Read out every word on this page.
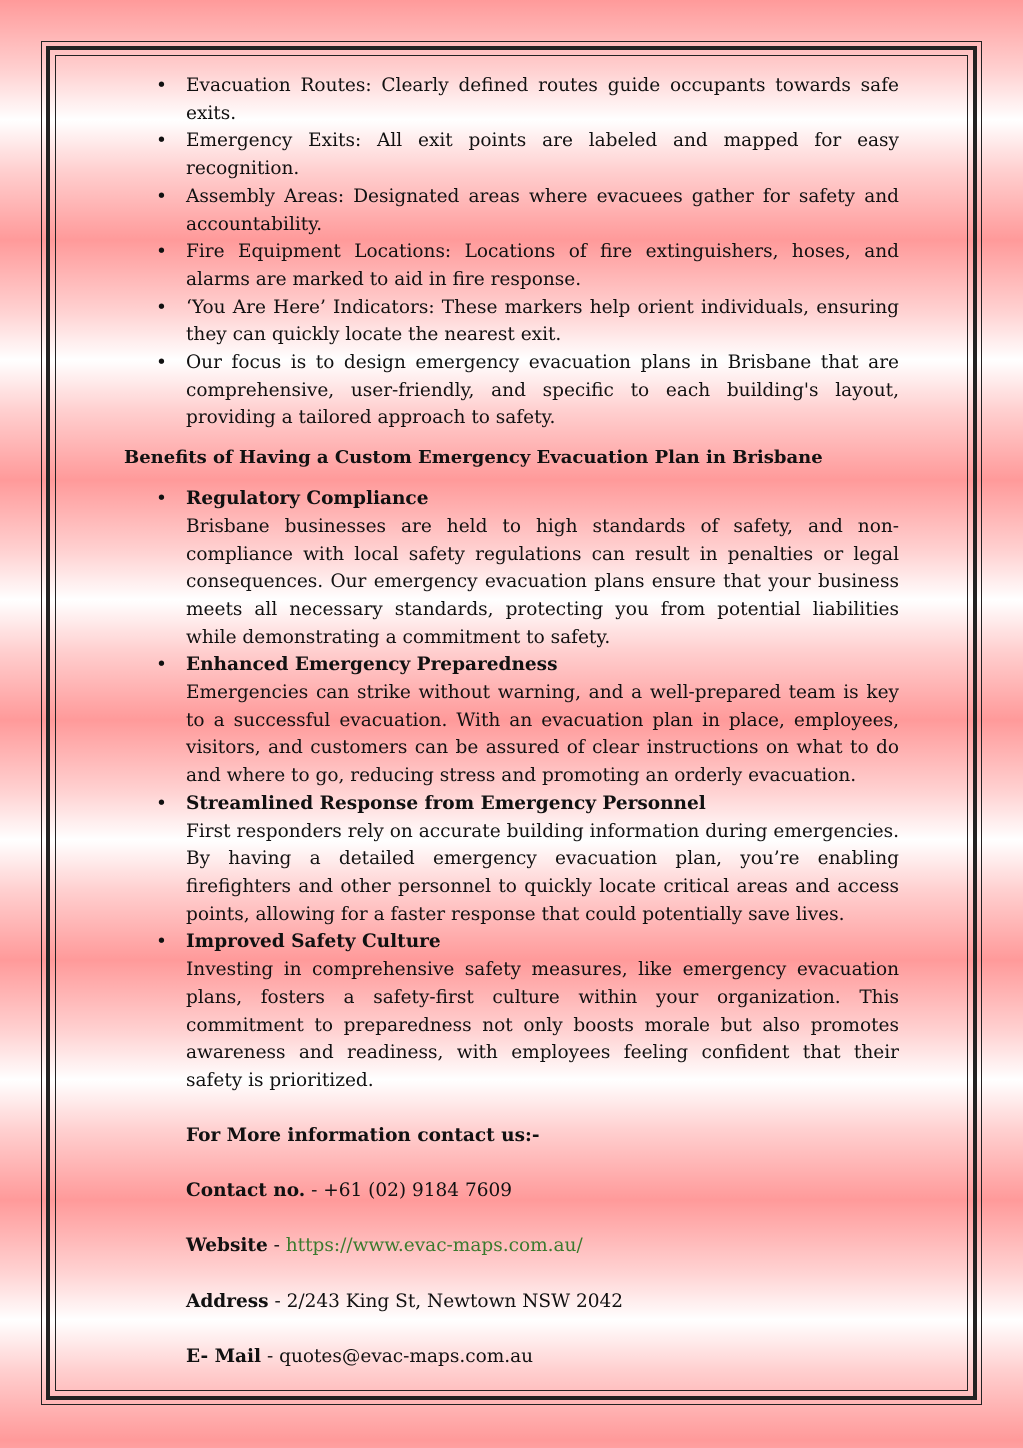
• Evacuation Routes: Clearly defined routes guide occupants towards safe exits.
• Emergency Exits: All exit points are labeled and mapped for easy recognition.
• Assembly Areas: Designated areas where evacuees gather for safety and accountability.
• Fire Equipment Locations: Locations of fire extinguishers, hoses, and alarms are marked to aid in fire response.
• ‘You Are Here’ Indicators: These markers help orient individuals, ensuring they can quickly locate the nearest exit.
• Our focus is to design emergency evacuation plans in Brisbane that are comprehensive, user-friendly, and specific to each building's layout, providing a tailored approach to safety.
Benefits of Having a Custom Emergency Evacuation Plan in Brisbane
• Regulatory Compliance
Brisbane businesses are held to high standards of safety, and non-compliance with local safety regulations can result in penalties or legal consequences. Our emergency evacuation plans ensure that your business meets all necessary standards, protecting you from potential liabilities while demonstrating a commitment to safety.
• Enhanced Emergency Preparedness
Emergencies can strike without warning, and a well-prepared team is key to a successful evacuation. With an evacuation plan in place, employees, visitors, and customers can be assured of clear instructions on what to do and where to go, reducing stress and promoting an orderly evacuation.
• Streamlined Response from Emergency Personnel
First responders rely on accurate building information during emergencies. By having a detailed emergency evacuation plan, you’re enabling firefighters and other personnel to quickly locate critical areas and access points, allowing for a faster response that could potentially save lives.
• Improved Safety Culture
Investing in comprehensive safety measures, like emergency evacuation plans, fosters a safety-first culture within your organization. This commitment to preparedness not only boosts morale but also promotes awareness and readiness, with employees feeling confident that their safety is prioritized.

For More information contact us:-

Contact no. - +61 (02) 9184 7609

Website - https://www.evac-maps.com.au/

Address - 2/243 King St, Newtown NSW 2042

E- Mail - quotes@evac-maps.com.au
